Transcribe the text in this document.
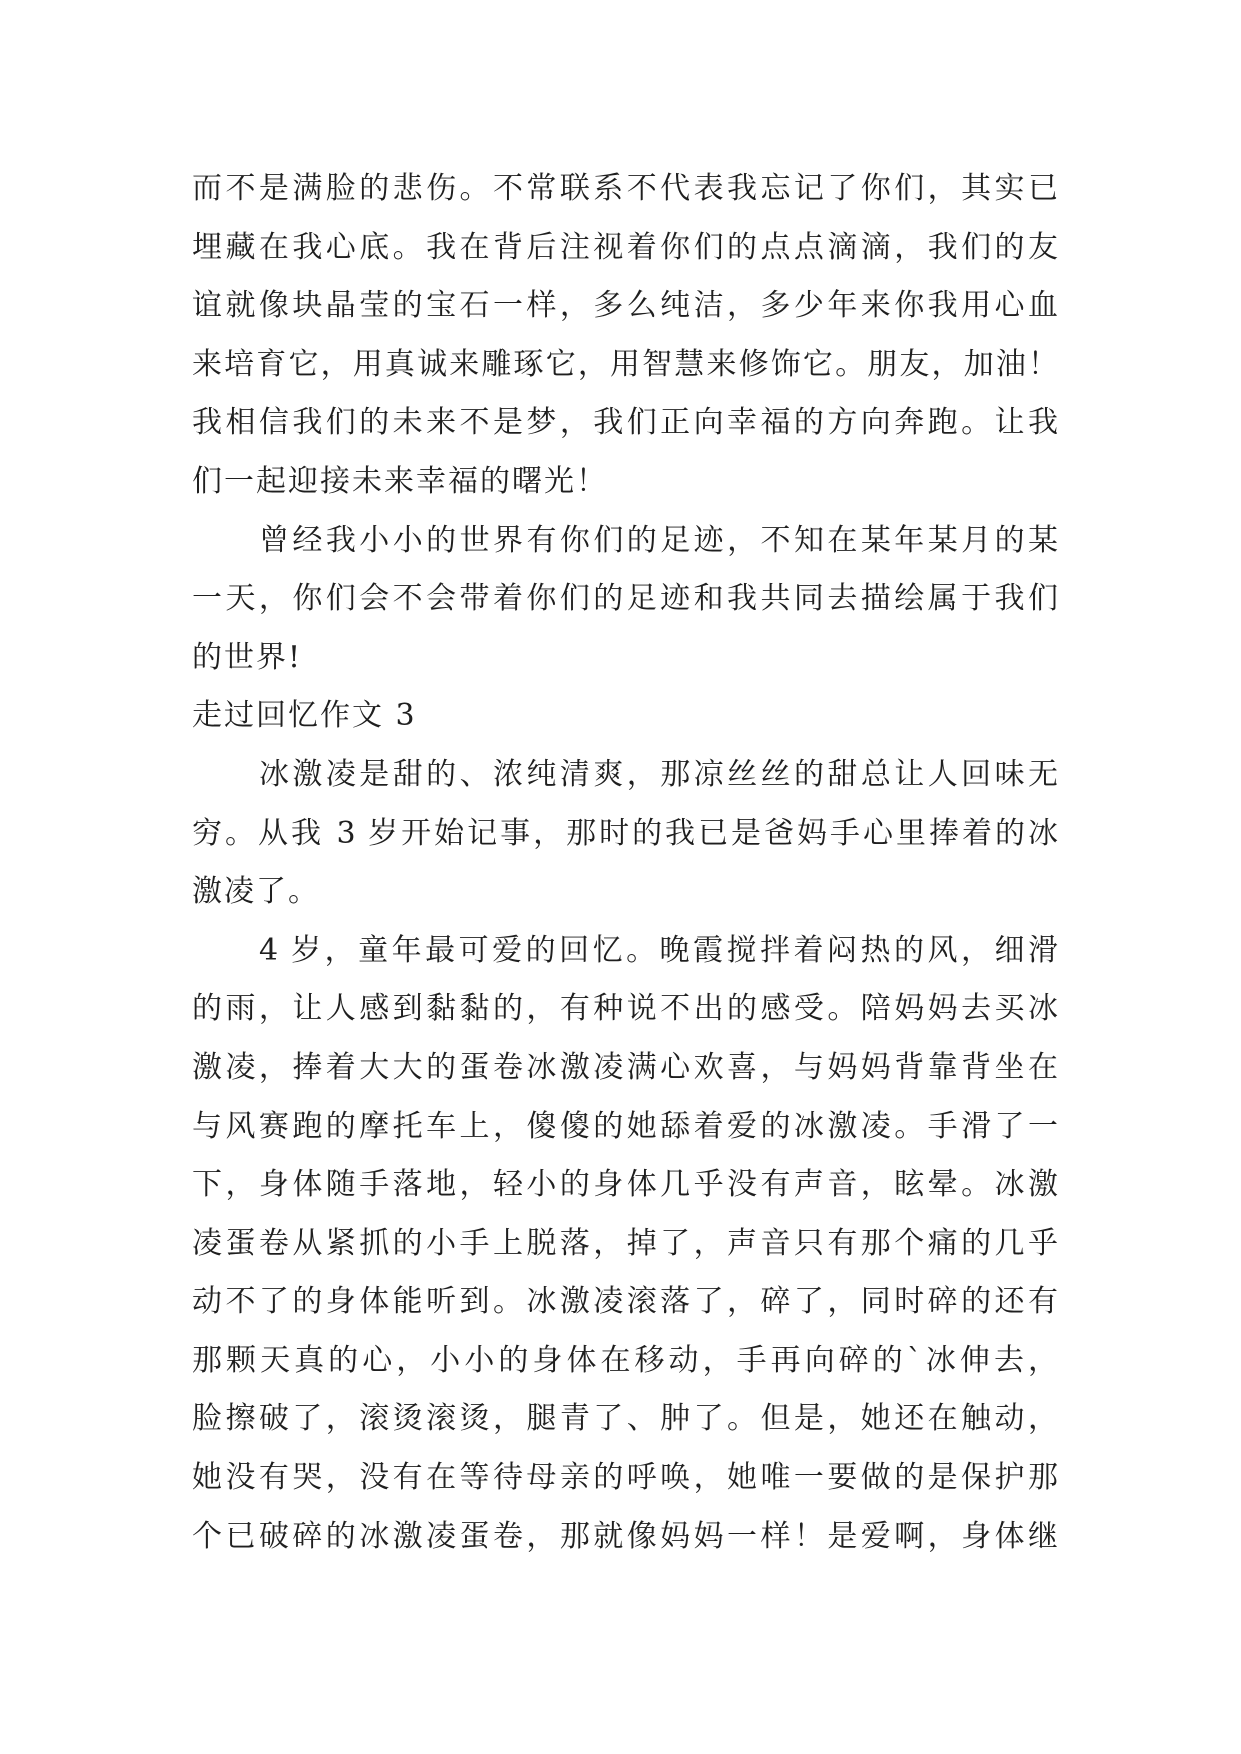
而不是满脸的悲伤。不常联系不代表我忘记了你们，其实已
埋藏在我心底。我在背后注视着你们的点点滴滴，我们的友
谊就像块晶莹的宝石一样，多么纯洁，多少年来你我用心血
来培育它，用真诚来雕琢它，用智慧来修饰它。朋友，加油！
我相信我们的未来不是梦，我们正向幸福的方向奔跑。让我
们一起迎接未来幸福的曙光！
曾经我小小的世界有你们的足迹，不知在某年某月的某
一天，你们会不会带着你们的足迹和我共同去描绘属于我们
的世界!
走过回忆作文 3
冰激凌是甜的、浓纯清爽，那凉丝丝的甜总让人回味无
穷。从我 3 岁开始记事，那时的我已是爸妈手心里捧着的冰
激凌了。
4 岁，童年最可爱的回忆。晚霞搅拌着闷热的风，细滑
的雨，让人感到黏黏的，有种说不出的感受。陪妈妈去买冰
激凌，捧着大大的蛋卷冰激凌满心欢喜，与妈妈背靠背坐在
与风赛跑的摩托车上，傻傻的她舔着爱的冰激凌。手滑了一
下，身体随手落地，轻小的身体几乎没有声音，眩晕。冰激
凌蛋卷从紧抓的小手上脱落，掉了，声音只有那个痛的几乎
动不了的身体能听到。冰激凌滚落了，碎了，同时碎的还有
那颗天真的心，小小的身体在移动，手再向碎的`冰伸去，
脸擦破了，滚烫滚烫，腿青了、肿了。但是，她还在触动，
她没有哭，没有在等待母亲的呼唤，她唯一要做的是保护那
个已破碎的冰激凌蛋卷，那就像妈妈一样！是爱啊，身体继
